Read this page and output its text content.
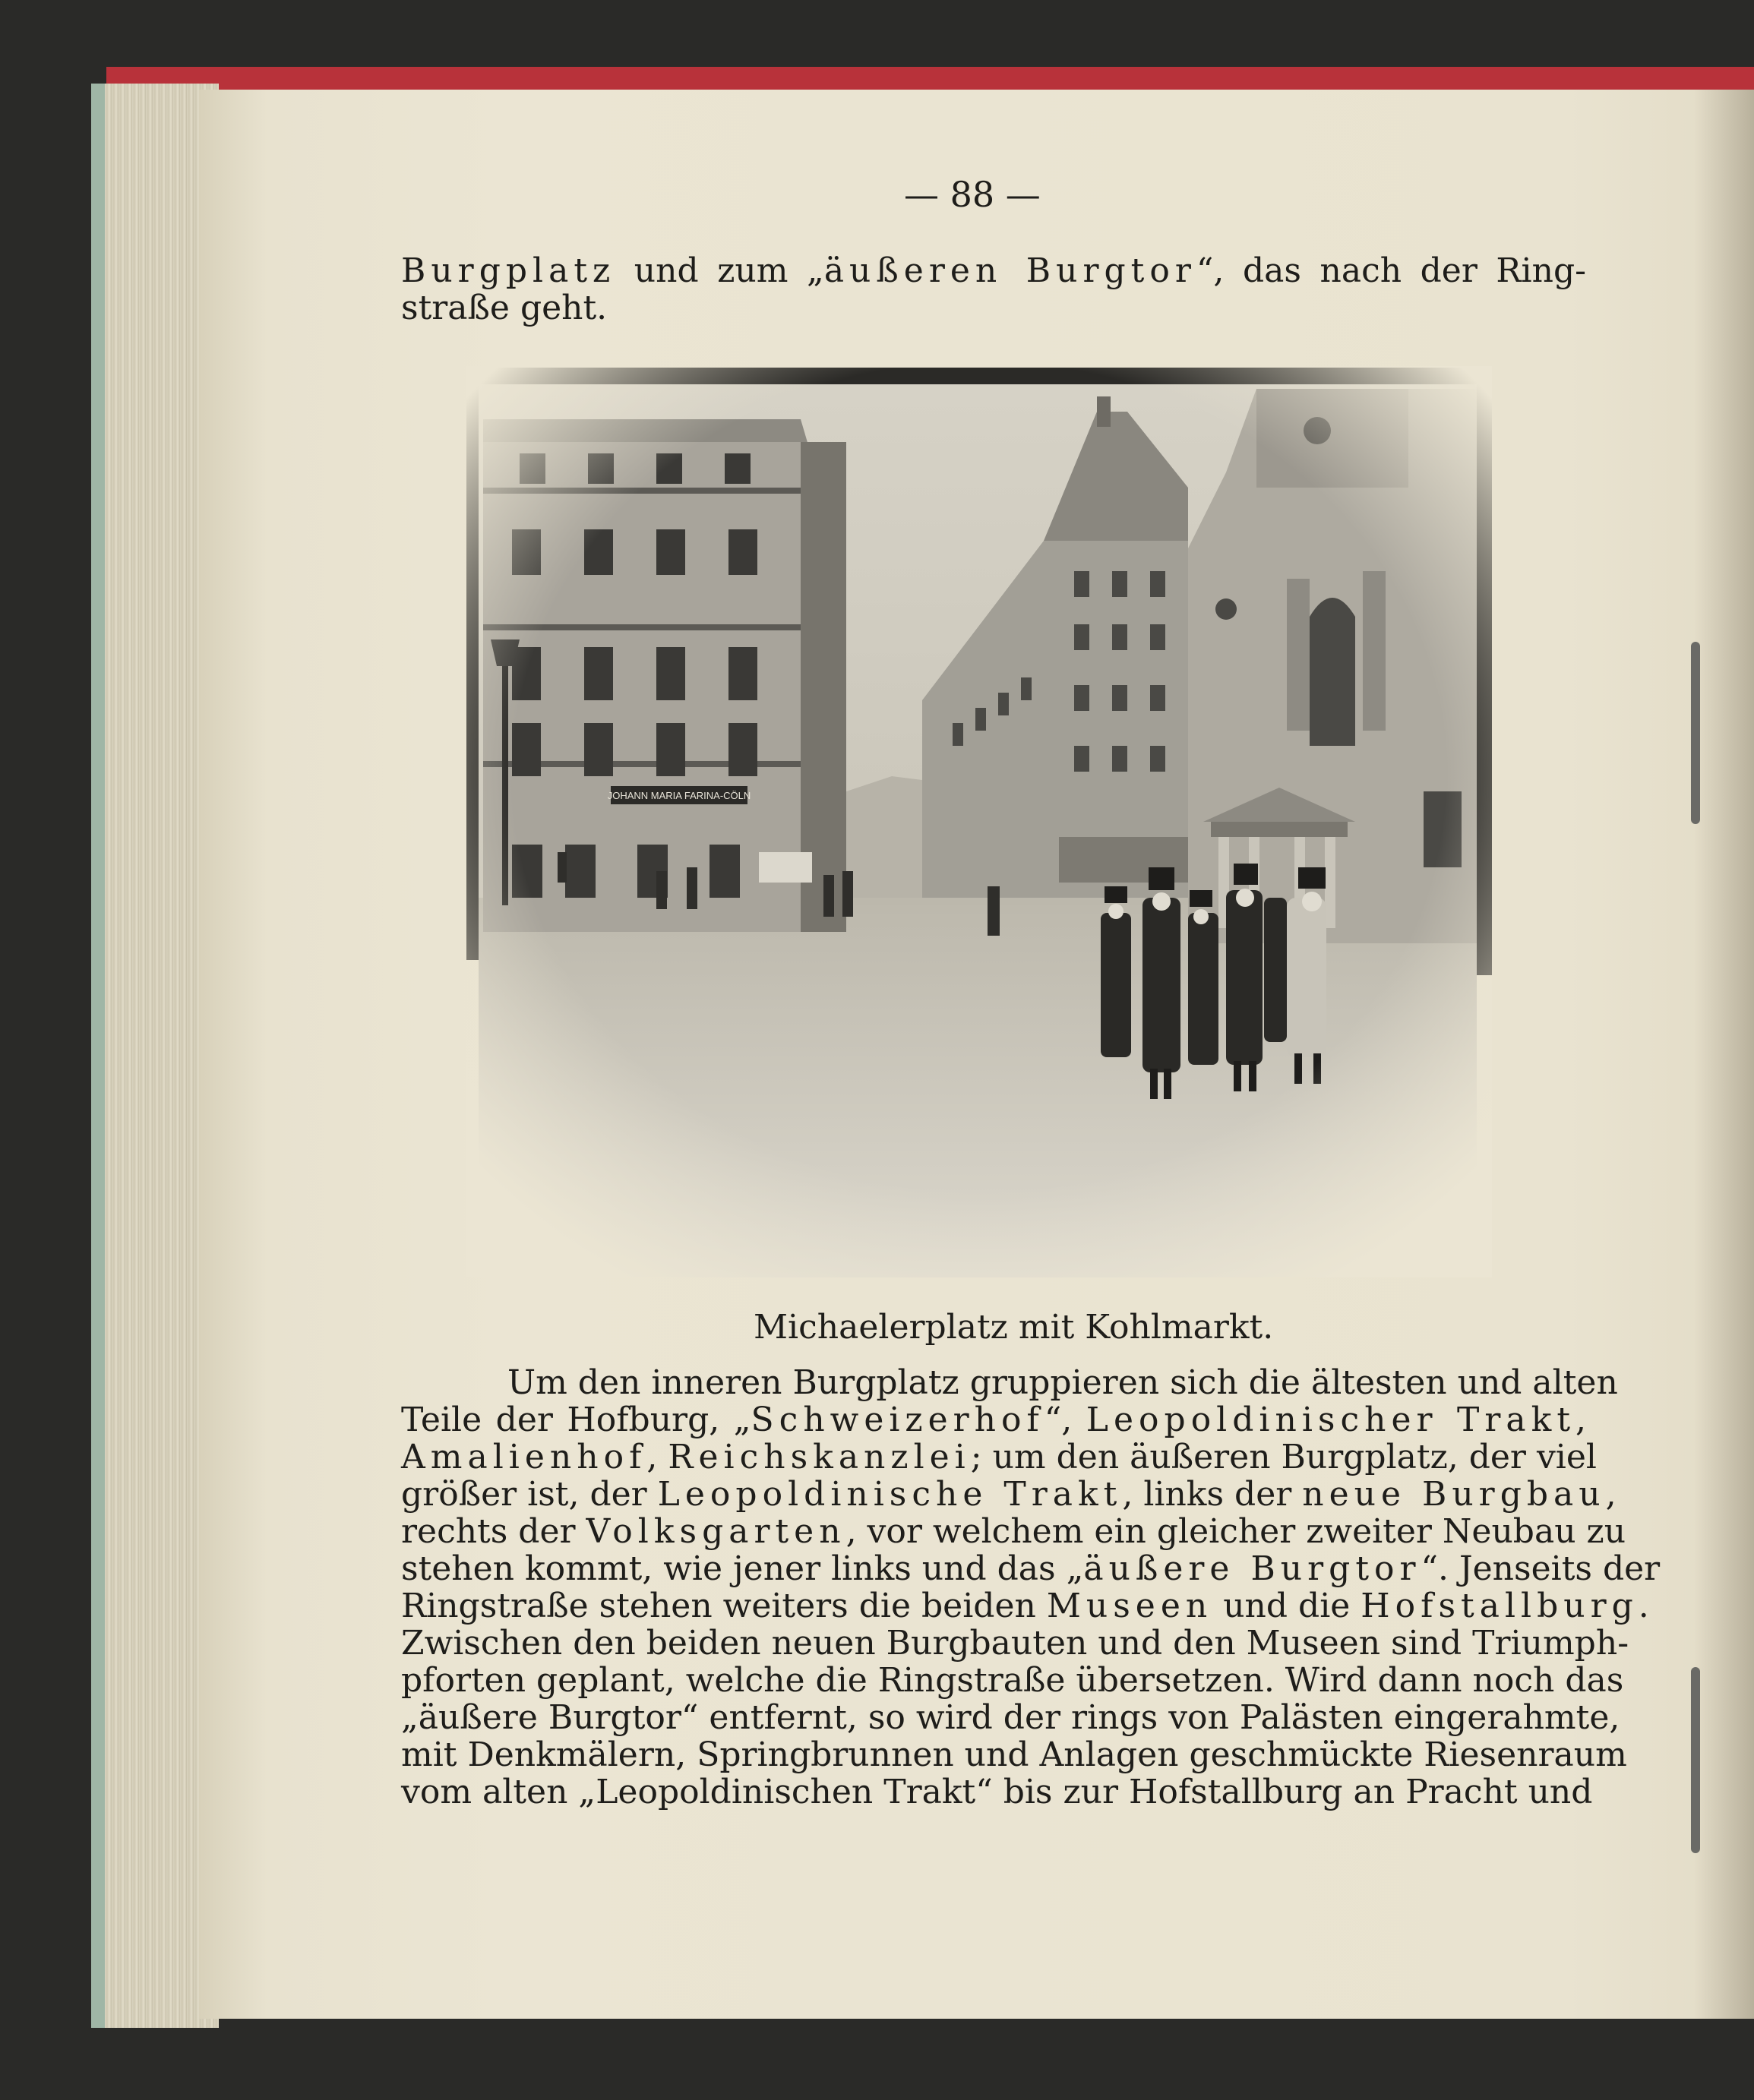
— 88 —
Burgplatz und zum „äußeren Burgtor“, das nach der Ring-
straße geht.
Michaelerplatz mit Kohlmarkt.
Um den inneren Burgplatz gruppieren sich die ältesten und alten
Teile der Hofburg, „Schweizerhof“, Leopoldinischer Trakt,
Amalienhof, Reichskanzlei; um den äußeren Burgplatz, der viel
größer ist, der Leopoldinische Trakt, links der neue Burgbau,
rechts der Volksgarten, vor welchem ein gleicher zweiter Neubau zu
stehen kommt, wie jener links und das „äußere Burgtor“. Jenseits der
Ringstraße stehen weiters die beiden Museen und die Hofstallburg.
Zwischen den beiden neuen Burgbauten und den Museen sind Triumph-
pforten geplant, welche die Ringstraße übersetzen. Wird dann noch das
„äußere Burgtor“ entfernt, so wird der rings von Palästen eingerahmte,
mit Denkmälern, Springbrunnen und Anlagen geschmückte Riesenraum
vom alten „Leopoldinischen Trakt“ bis zur Hofstallburg an Pracht und
